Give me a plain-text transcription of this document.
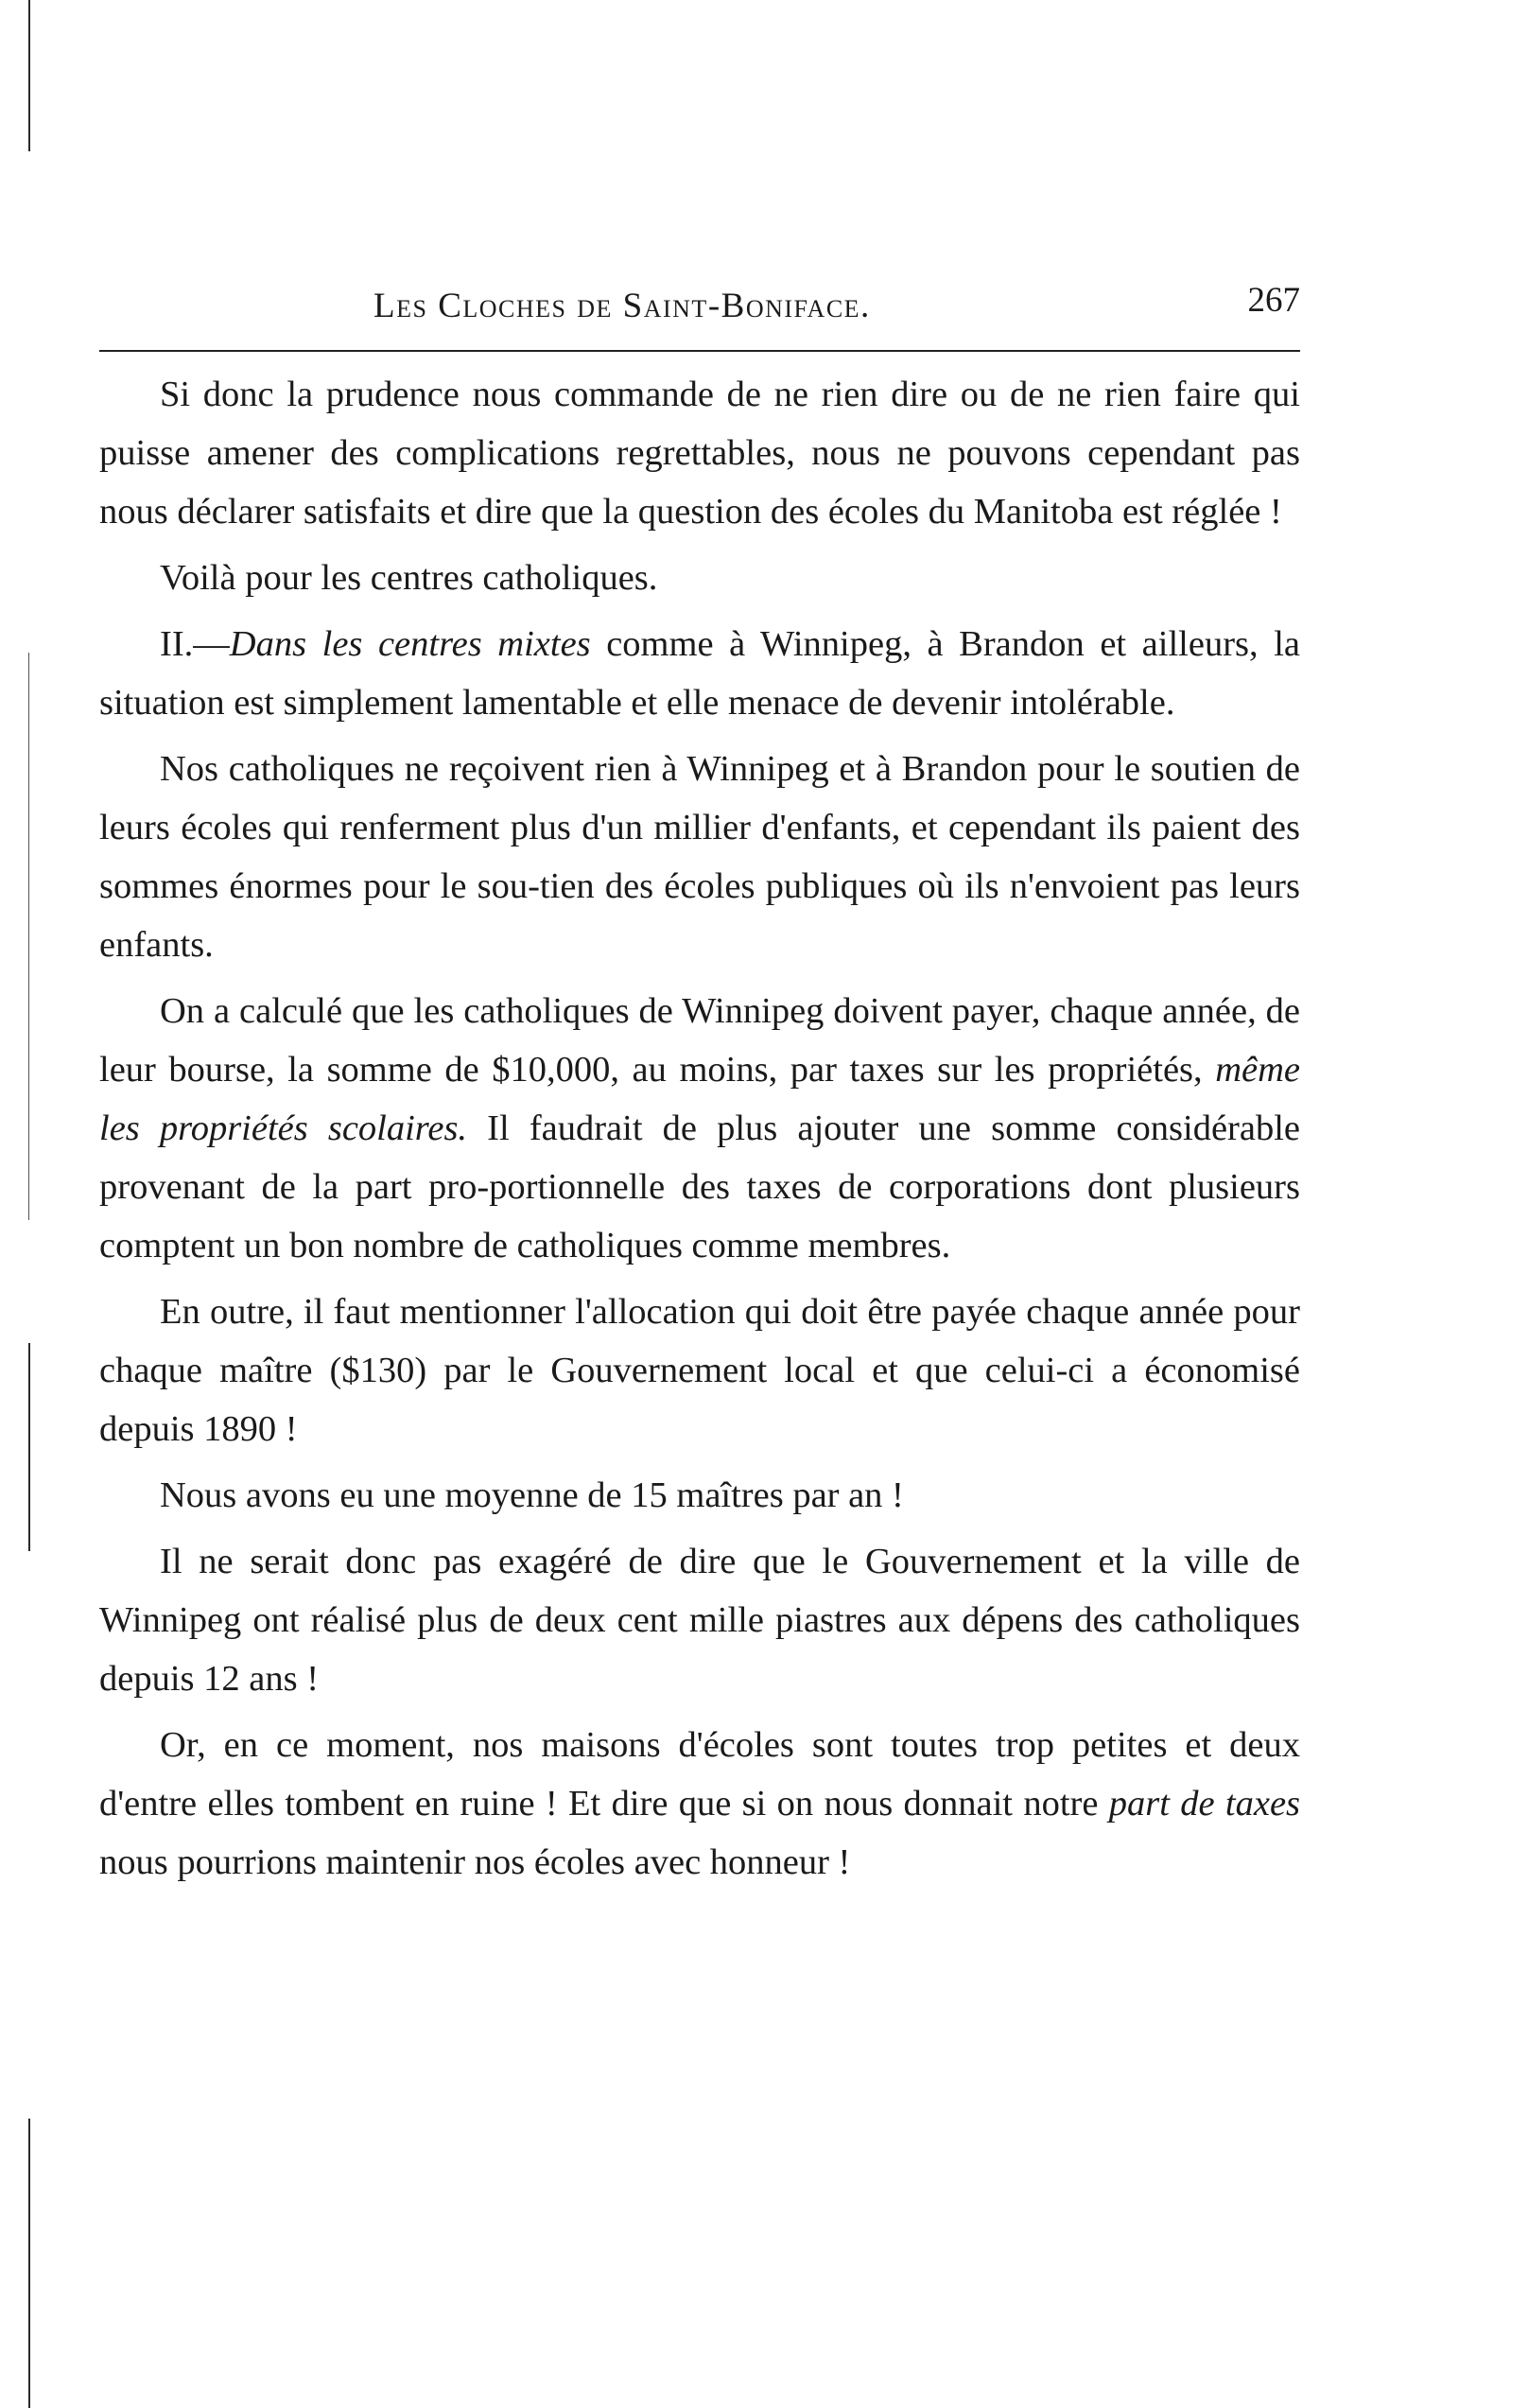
Les Cloches de Saint-Boniface.	267

Si donc la prudence nous commande de ne rien dire ou de ne rien faire qui puisse amener des complications regrettables, nous ne pouvons cependant pas nous déclarer satisfaits et dire que la question des écoles du Manitoba est réglée !

Voilà pour les centres catholiques.

II.—Dans les centres mixtes comme à Winnipeg, à Brandon et ailleurs, la situation est simplement lamentable et elle menace de devenir intolérable.

Nos catholiques ne reçoivent rien à Winnipeg et à Brandon pour le soutien de leurs écoles qui renferment plus d'un millier d'enfants, et cependant ils paient des sommes énormes pour le sou-tien des écoles publiques où ils n'envoient pas leurs enfants.

On a calculé que les catholiques de Winnipeg doivent payer, chaque année, de leur bourse, la somme de $10,000, au moins, par taxes sur les propriétés, même les propriétés scolaires. Il faudrait de plus ajouter une somme considérable provenant de la part pro-portionnelle des taxes de corporations dont plusieurs comptent un bon nombre de catholiques comme membres.

En outre, il faut mentionner l'allocation qui doit être payée chaque année pour chaque maître ($130) par le Gouvernement local et que celui-ci a économisé depuis 1890 !

Nous avons eu une moyenne de 15 maîtres par an !

Il ne serait donc pas exagéré de dire que le Gouvernement et la ville de Winnipeg ont réalisé plus de deux cent mille piastres aux dépens des catholiques depuis 12 ans !

Or, en ce moment, nos maisons d'écoles sont toutes trop petites et deux d'entre elles tombent en ruine ! Et dire que si on nous donnait notre part de taxes nous pourrions maintenir nos écoles avec honneur !
